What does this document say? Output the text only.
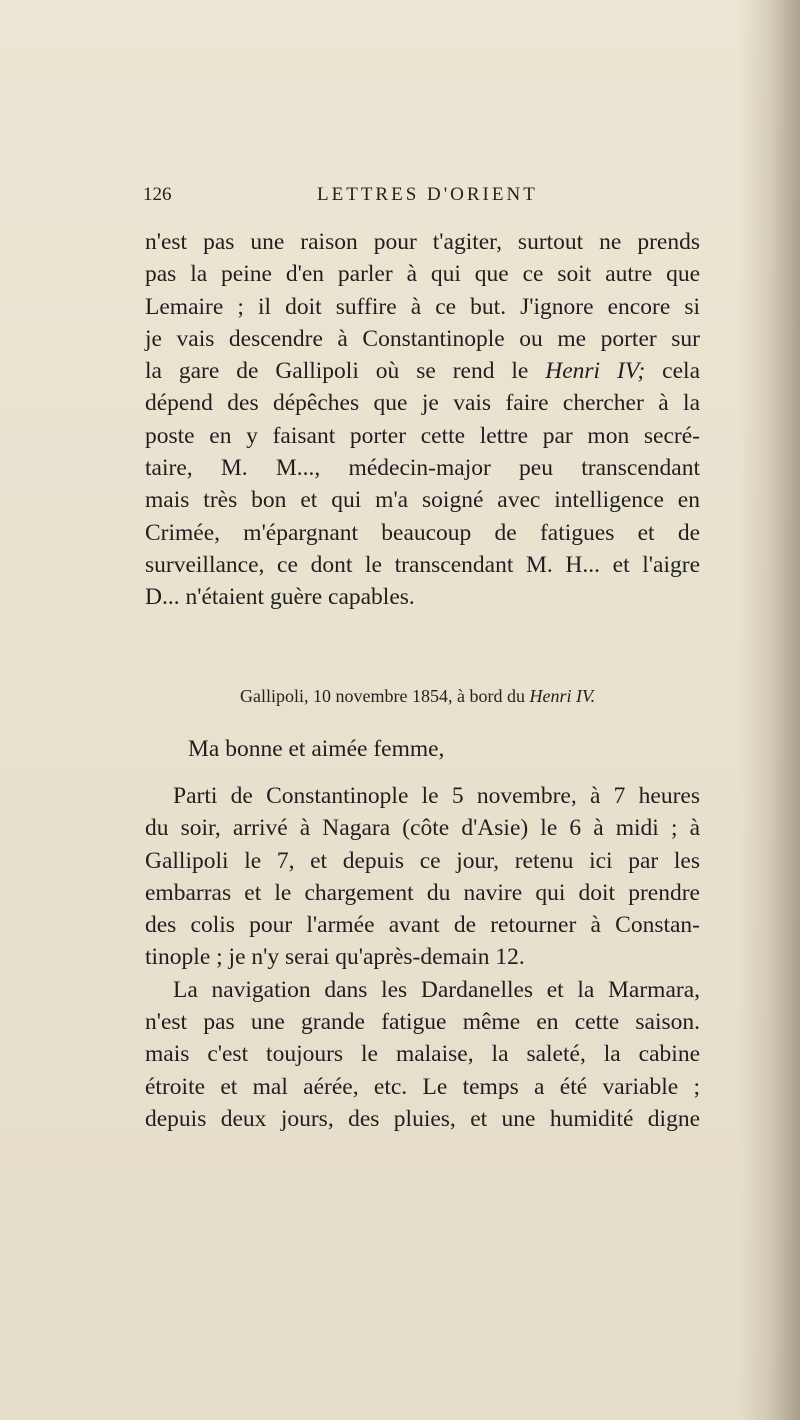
126	LETTRES D'ORIENT
n'est pas une raison pour t'agiter, surtout ne prends
pas la peine d'en parler à qui que ce soit autre que
Lemaire ; il doit suffire à ce but. J'ignore encore si
je vais descendre à Constantinople ou me porter sur
la gare de Gallipoli où se rend le Henri IV; cela
dépend des dépêches que je vais faire chercher à la
poste en y faisant porter cette lettre par mon secré-
taire, M. M..., médecin-major peu transcendant
mais très bon et qui m'a soigné avec intelligence en
Crimée, m'épargnant beaucoup de fatigues et de
surveillance, ce dont le transcendant M. H... et l'aigre
D... n'étaient guère capables.
Gallipoli, 10 novembre 1854, à bord du Henri IV.
Ma bonne et aimée femme,
Parti de Constantinople le 5 novembre, à 7 heures
du soir, arrivé à Nagara (côte d'Asie) le 6 à midi ; à
Gallipoli le 7, et depuis ce jour, retenu ici par les
embarras et le chargement du navire qui doit prendre
des colis pour l'armée avant de retourner à Constan-
tinople ; je n'y serai qu'après-demain 12.
La navigation dans les Dardanelles et la Marmara,
n'est pas une grande fatigue même en cette saison.
mais c'est toujours le malaise, la saleté, la cabine
étroite et mal aérée, etc. Le temps a été variable ;
depuis deux jours, des pluies, et une humidité digne
